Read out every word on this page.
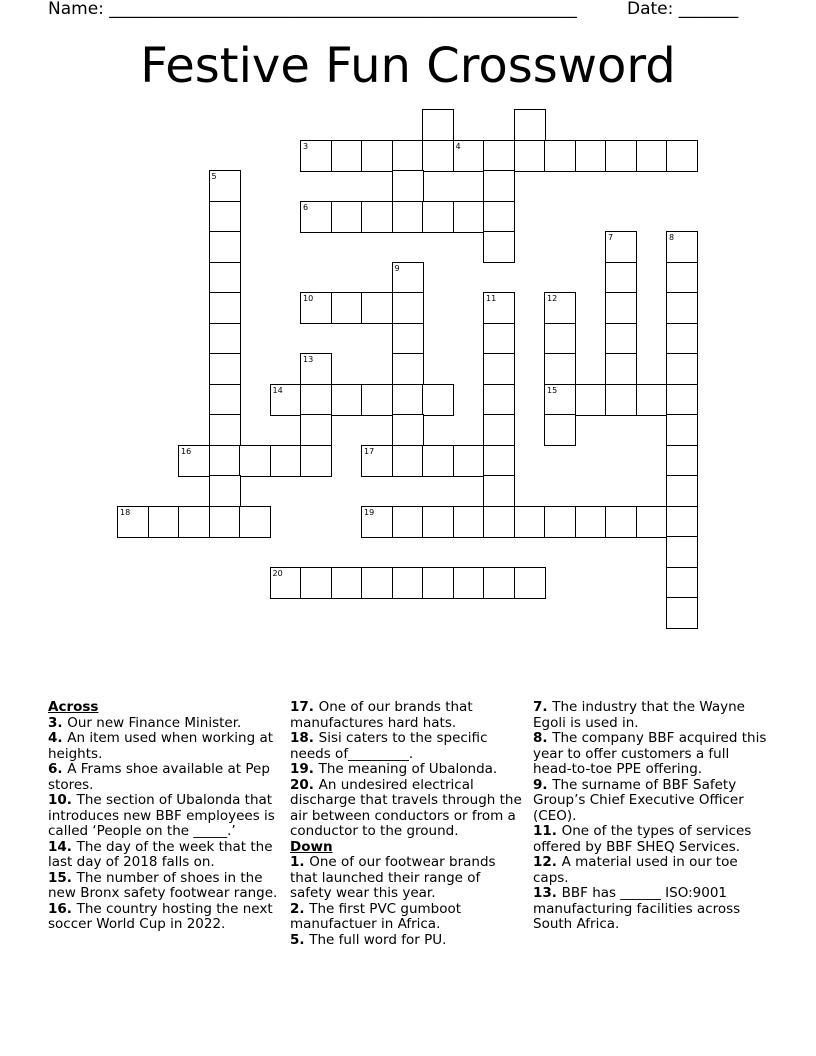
Name: _______________________________________________________	Date: _______
Festive Fun Crossword
3	4
5
6
7	8
9
10	11	12
13
14	15
16	17
18	19
20
Across
3. Our new Finance Minister.
4. An item used when working at heights.
6. A Frams shoe available at Pep stores.
10. The section of Ubalonda that introduces new BBF employees is called ‘People on the _____.’
14. The day of the week that the last day of 2018 falls on.
15. The number of shoes in the new Bronx safety footwear range.
16. The country hosting the next soccer World Cup in 2022.
17. One of our brands that manufactures hard hats.
18. Sisi caters to the specific needs of_________.
19. The meaning of Ubalonda.
20. An undesired electrical discharge that travels through the air between conductors or from a conductor to the ground.
Down
1. One of our footwear brands that launched their range of safety wear this year.
2. The first PVC gumboot manufactuer in Africa.
5. The full word for PU.
7. The industry that the Wayne Egoli is used in.
8. The company BBF acquired this year to offer customers a full head-to-toe PPE offering.
9. The surname of BBF Safety Group’s Chief Executive Officer (CEO).
11. One of the types of services offered by BBF SHEQ Services.
12. A material used in our toe caps.
13. BBF has ______ ISO:9001 manufacturing facilities across South Africa.
